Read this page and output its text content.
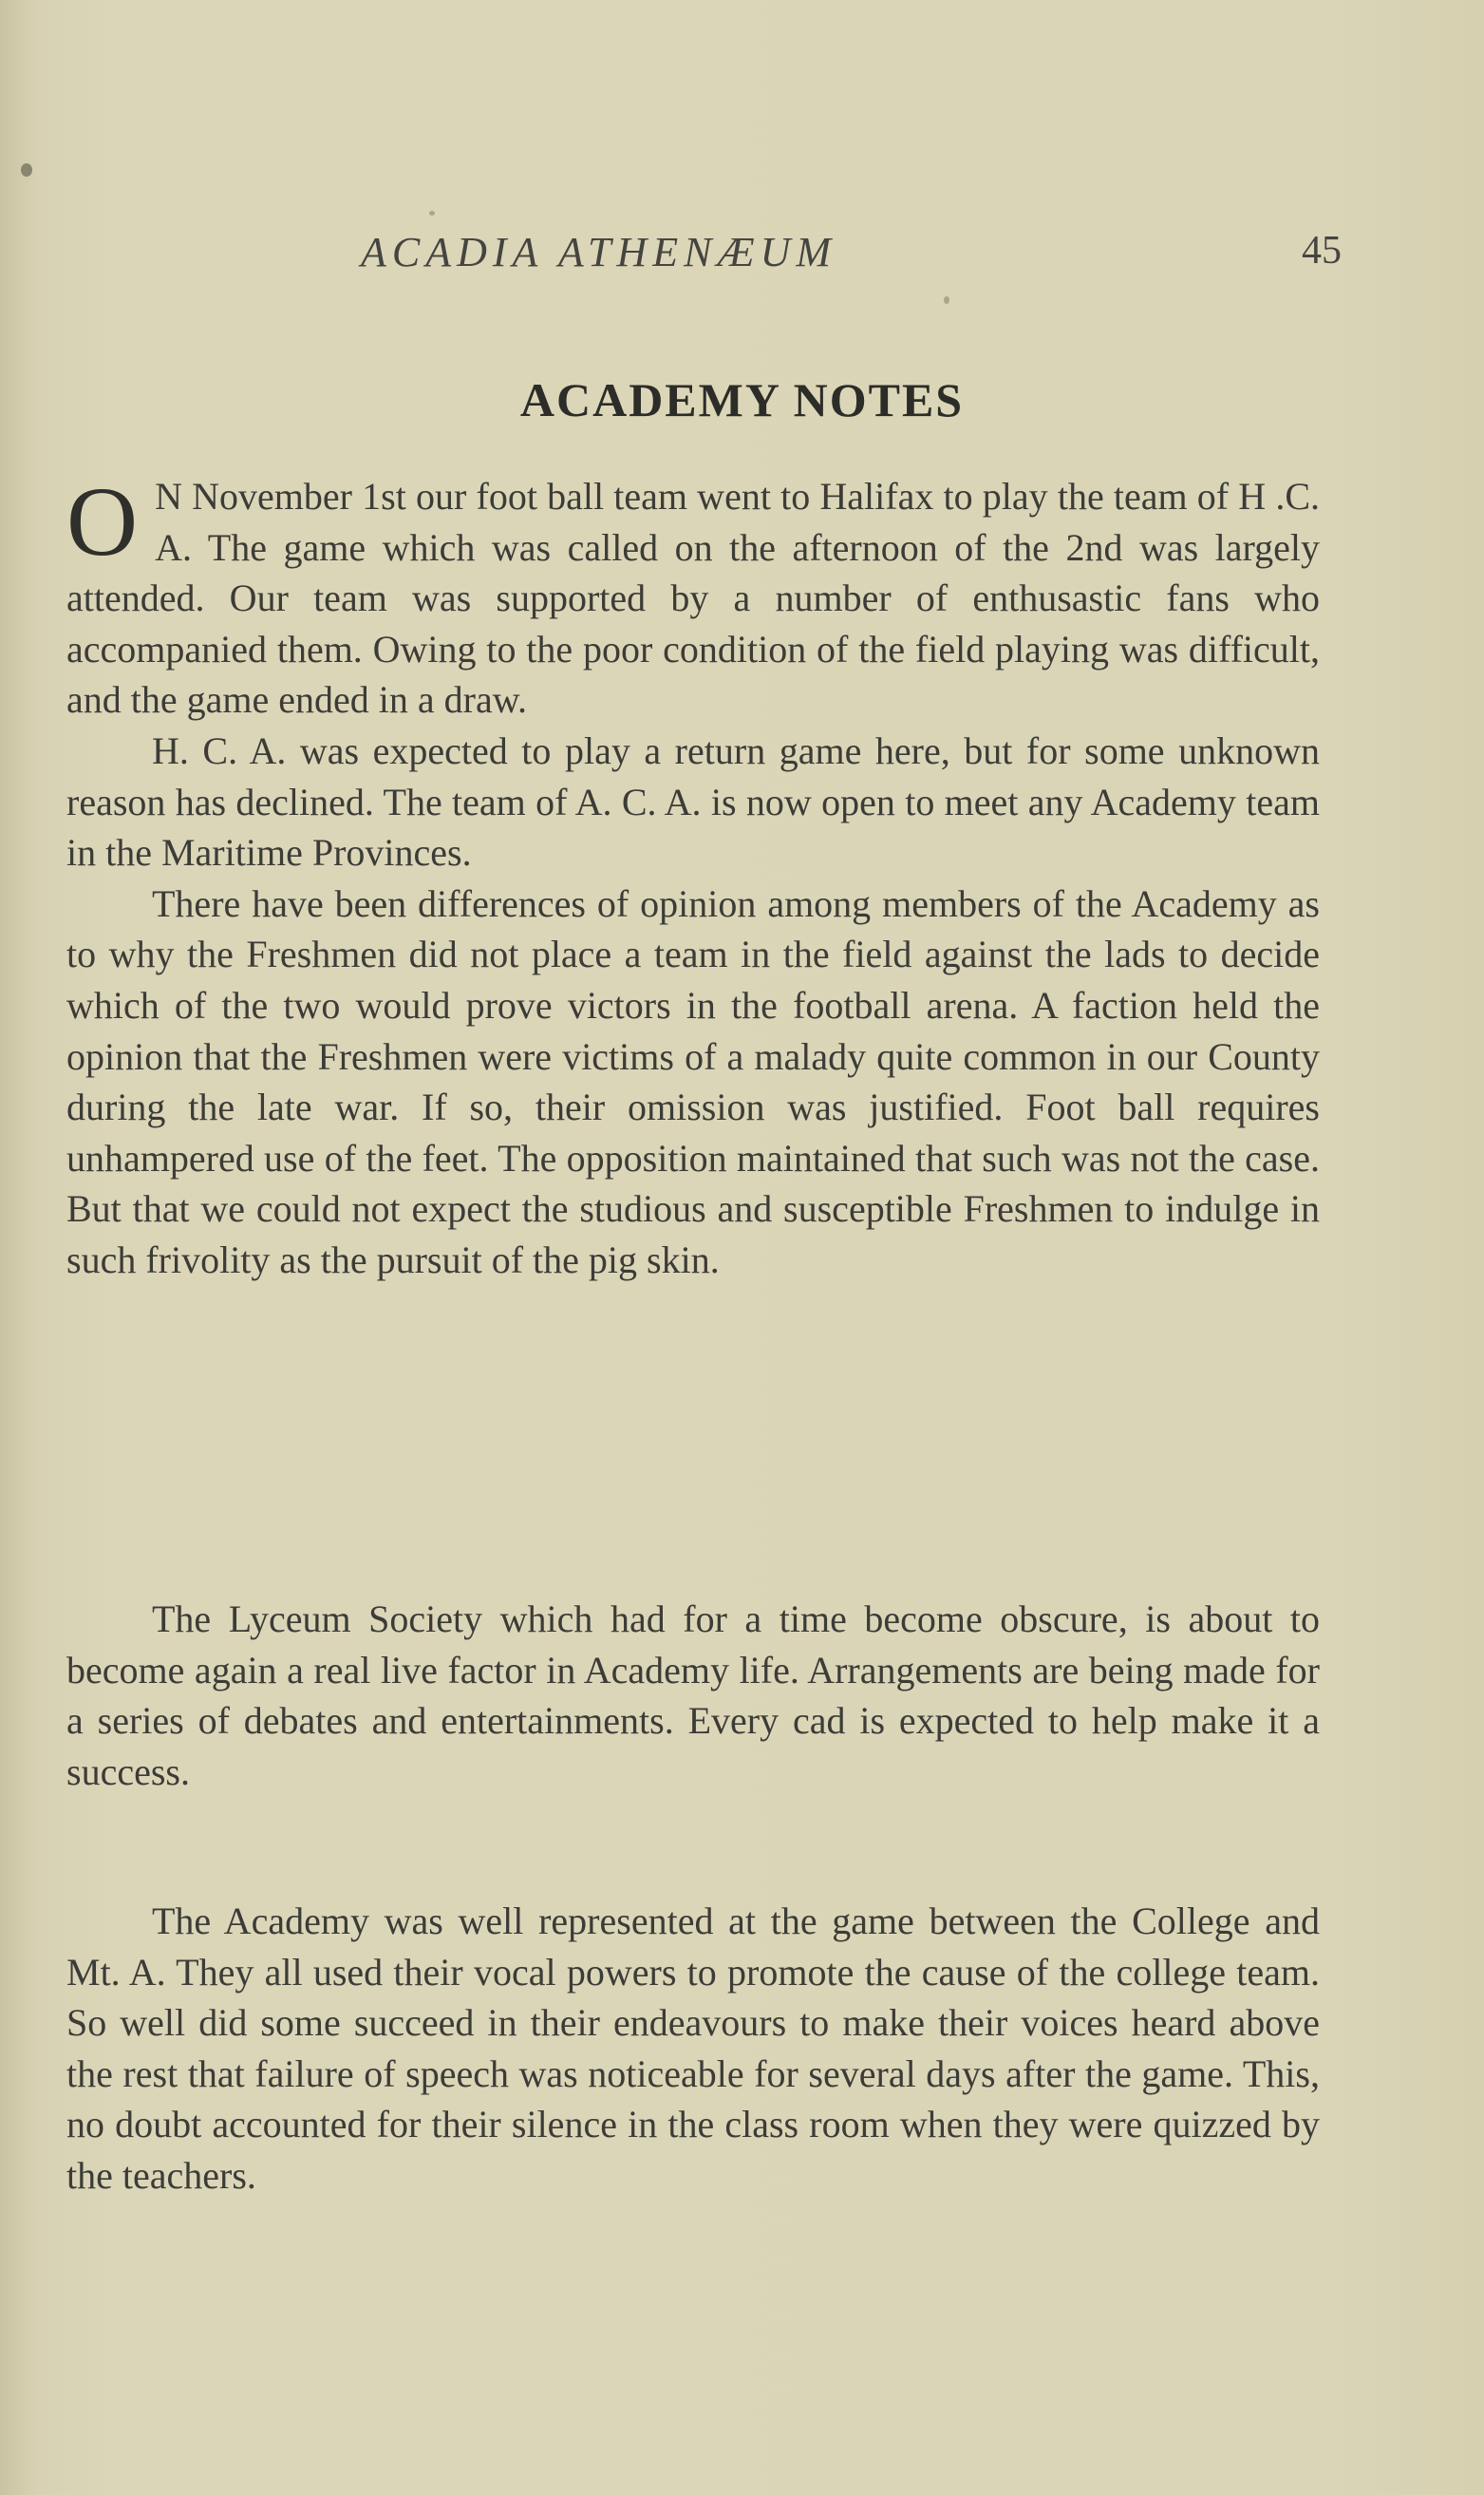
ACADIA ATHENÆUM	45
ACADEMY NOTES

O N November 1st our foot ball team went to Halifax to play the team of H .C. A. The game which was called on the afternoon of the 2nd was largely attended. Our team was supported by a number of enthusastic fans who accompanied them. Owing to the poor condition of the field playing was difficult, and the game ended in a draw.

H. C. A. was expected to play a return game here, but for some unknown reason has declined. The team of A. C. A. is now open to meet any Academy team in the Maritime Provinces.

There have been differences of opinion among members of the Academy as to why the Freshmen did not place a team in the field against the lads to decide which of the two would prove victors in the football arena. A faction held the opinion that the Freshmen were victims of a malady quite common in our County during the late war. If so, their omission was justified. Foot ball requires unhampered use of the feet. The opposition maintained that such was not the case. But that we could not expect the studious and susceptible Freshmen to indulge in such frivolity as the pursuit of the pig skin.

The Lyceum Society which had for a time become obscure, is about to become again a real live factor in Academy life. Arrangements are being made for a series of debates and entertainments. Every cad is expected to help make it a success.

The Academy was well represented at the game between the College and Mt. A. They all used their vocal powers to promote the cause of the college team. So well did some succeed in their endeavours to make their voices heard above the rest that failure of speech was noticeable for several days after the game. This, no doubt accounted for their silence in the class room when they were quizzed by the teachers.
